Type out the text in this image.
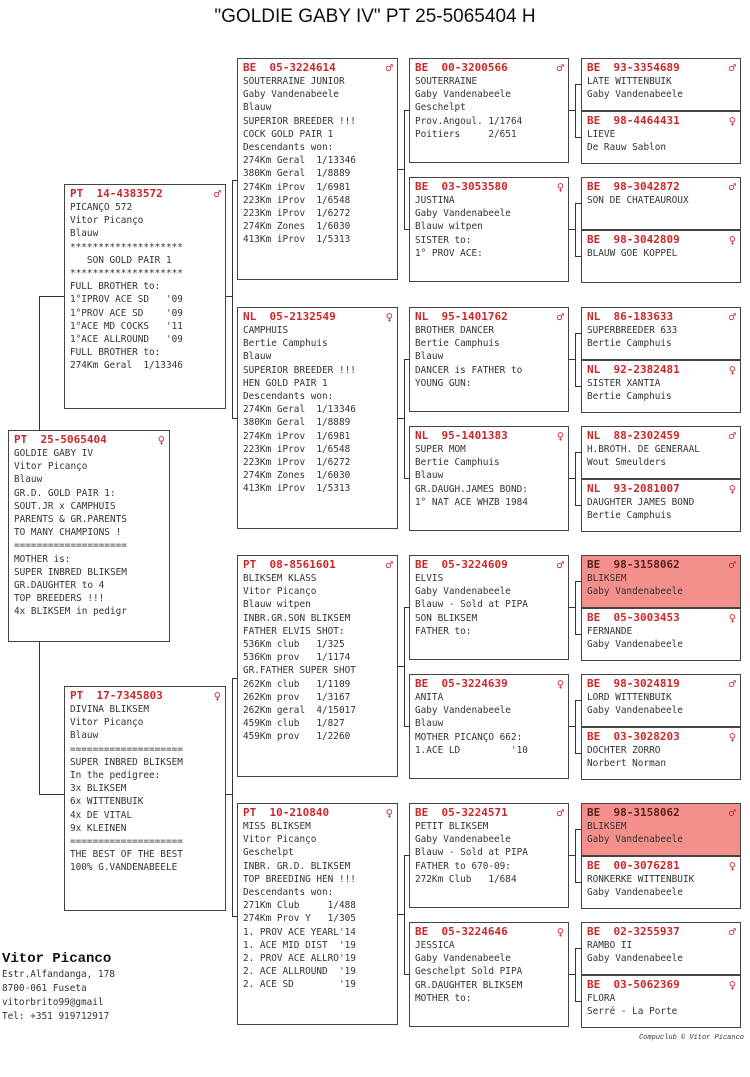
"GOLDIE GABY IV" PT 25-5065404 H
PT 25-5065404	♀
GOLDIE GABY IV
Vitor Picanço
Blauw
GR.D. GOLD PAIR 1:
SOUT.JR x CAMPHUIS
PARENTS & GR.PARENTS
TO MANY CHAMPIONS !
====================
MOTHER is:
SUPER INBRED BLIKSEM
GR.DAUGHTER to 4
TOP BREEDERS !!!
4x BLIKSEM in pedigr
PT 14-4383572	♂
PICANÇO 572
Vitor Picanço
Blauw
********************
SON GOLD PAIR 1
********************
FULL BROTHER to:
1°IPROV ACE SD   '09
1°PROV ACE SD    '09
1°ACE MD COCKS   '11
1°ACE ALLROUND   '09
FULL BROTHER to:
274Km Geral  1/13346
PT 17-7345803	♀
DIVINA BLIKSEM
Vitor Picanço
Blauw
====================
SUPER INBRED BLIKSEM
In the pedigree:
3x BLIKSEM
6x WITTENBUIK
4x DE VITAL
9x KLEINEN
====================
THE BEST OF THE BEST
100% G.VANDENABEELE
BE 05-3224614	♂
SOUTERRAINE JUNIOR
Gaby Vandenabeele
Blauw
SUPERIOR BREEDER !!!
COCK GOLD PAIR 1
Descendants won:
274Km Geral  1/13346
380Km Geral  1/8889
274Km iProv  1/6981
223Km iProv  1/6548
223Km iProv  1/6272
274Km Zones  1/6030
413Km iProv  1/5313
NL 05-2132549	♀
CAMPHUIS
Bertie Camphuis
Blauw
SUPERIOR BREEDER !!!
HEN GOLD PAIR 1
Descendants won:
274Km Geral  1/13346
380Km Geral  1/8889
274Km iProv  1/6981
223Km iProv  1/6548
223Km iProv  1/6272
274Km Zones  1/6030
413Km iProv  1/5313
PT 08-8561601	♂
BLIKSEM KLASS
Vitor Picanço
Blauw witpen
INBR.GR.SON BLIKSEM
FATHER ELVIS SHOT:
536Km club   1/325
536Km prov   1/1174
GR.FATHER SUPER SHOT
262Km club   1/1109
262Km prov   1/3167
262Km geral  4/15017
459Km club   1/827
459Km prov   1/2260
PT 10-210840	♀
MISS BLIKSEM
Vitor Picanço
Geschelpt
INBR. GR.D. BLIKSEM
TOP BREEDING HEN !!!
Descendants won:
271Km Club     1/488
274Km Prov Y   1/305
1. PROV ACE YEARL'14
1. ACE MID DIST  '19
2. PROV ACE ALLRO'19
2. ACE ALLROUND  '19
2. ACE SD        '19
BE 00-3200566	♂
SOUTERRAINE
Gaby Vandenabeele
Geschelpt
Prov.Angoul. 1/1764
Poitiers     2/651
BE 03-3053580	♀
JUSTINA
Gaby Vandenabeele
Blauw witpen
SISTER to:
1° PROV ACE:
NL 95-1401762	♂
BROTHER DANCER
Bertie Camphuis
Blauw
DANCER is FATHER to
YOUNG GUN:
NL 95-1401383	♀
SUPER MOM
Bertie Camphuis
Blauw
GR.DAUGH.JAMES BOND:
1° NAT ACE WHZB 1984
BE 05-3224609	♂
ELVIS
Gaby Vandenabeele
Blauw - Sold at PIPA
SON BLIKSEM
FATHER to:
BE 05-3224639	♀
ANITA
Gaby Vandenabeele
Blauw
MOTHER PICANÇO 662:
1.ACE LD         '10
BE 05-3224571	♂
PETIT BLIKSEM
Gaby Vandenabeele
Blauw - Sold at PIPA
FATHER to 670-09:
272Km Club   1/684
BE 05-3224646	♀
JESSICA
Gaby Vandenabeele
Geschelpt Sold PIPA
GR.DAUGHTER BLIKSEM
MOTHER to:
BE 93-3354689	♂
LATE WITTENBUIK
Gaby Vandenabeele
BE 98-4464431	♀
LIEVE
De Rauw Sablon
BE 98-3042872	♂
SON DE CHATEAUROUX
BE 98-3042809	♀
BLAUW GOE KOPPEL
NL 86-183633	♂
SUPERBREEDER 633
Bertie Camphuis
NL 92-2382481	♀
SISTER XANTIA
Bertie Camphuis
NL 88-2302459	♂
H.BROTH. DE GENERAAL
Wout Smeulders
NL 93-2081007	♀
DAUGHTER JAMES BOND
Bertie Camphuis
BE 98-3158062	♂
BLIKSEM
Gaby Vandenabeele
BE 05-3003453	♀
FERNANDE
Gaby Vandenabeele
BE 98-3024819	♂
LORD WITTENBUIK
Gaby Vandenabeele
BE 03-3028203	♀
DOCHTER ZORRO
Norbert Norman
BE 98-3158062	♂
BLIKSEM
Gaby Vandenabeele
BE 00-3076281	♀
RONKERKE WITTENBUIK
Gaby Vandenabeele
BE 02-3255937	♂
RAMBO II
Gaby Vandenabeele
BE 03-5062369	♀
FLORA
Serré - La Porte
Vitor Picanco
Estr.Alfandanga, 178
8700-061 Fuseta
vitorbrito99@gmail
Tel: +351 919712917
Compuclub © Vitor Picanco
